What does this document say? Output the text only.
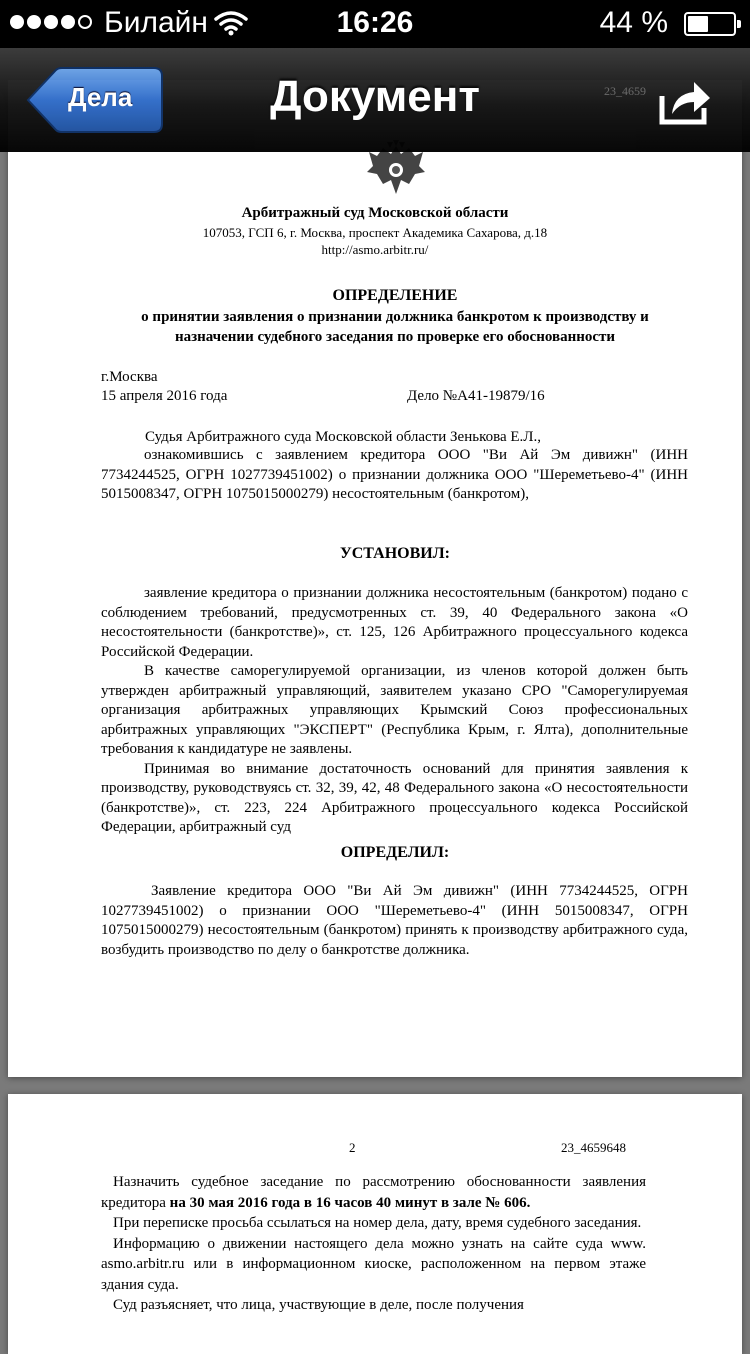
Билайн	16:26	44 %
Арбитражный суд Московской области
107053, ГСП 6, г. Москва, проспект Академика Сахарова, д.18
http://asmo.arbitr.ru/
ОПРЕДЕЛЕНИЕ
о принятии заявления о признании должника банкротом к производству и
назначении судебного заседания по проверке его обоснованности
г.Москва
15 апреля 2016 года	Дело №А41-19879/16
Судья Арбитражного суда Московской области Зенькова Е.Л.,

ознакомившись с заявлением кредитора ООО "Ви Ай Эм дивижн" (ИНН 7734244525, ОГРН 1027739451002) о признании должника ООО "Шереметьево-4" (ИНН 5015008347, ОГРН 1075015000279) несостоятельным (банкротом),

УСТАНОВИЛ:

заявление кредитора о признании должника несостоятельным (банкротом) подано с соблюдением требований, предусмотренных ст. 39, 40 Федерального закона «О несостоятельности (банкротстве)», ст. 125, 126 Арбитражного процессуального кодекса Российской Федерации.

В качестве саморегулируемой организации, из членов которой должен быть утвержден арбитражный управляющий, заявителем указано СРО "Саморегулируемая организация арбитражных управляющих Крымский Союз профессиональных арбитражных управляющих "ЭКСПЕРТ" (Республика Крым, г. Ялта), дополнительные требования к кандидатуре не заявлены.

Принимая во внимание достаточность оснований для принятия заявления к производству, руководствуясь ст. 32, 39, 42, 48 Федерального закона «О несостоятельности (банкротстве)», ст. 223, 224 Арбитражного процессуального кодекса Российской Федерации, арбитражный суд

ОПРЕДЕЛИЛ:

Заявление кредитора ООО "Ви Ай Эм дивижн" (ИНН 7734244525, ОГРН 1027739451002) о признании ООО "Шереметьево-4" (ИНН 5015008347, ОГРН 1075015000279) несостоятельным (банкротом) принять к производству арбитражного суда, возбудить производство по делу о банкротстве должника.

2	23_4659648

Назначить судебное заседание по рассмотрению обоснованности заявления кредитора на 30 мая 2016 года в 16 часов 40 минут в зале № 606.

При переписке просьба ссылаться на номер дела, дату, время судебного заседания.

Информацию о движении настоящего дела можно узнать на сайте суда www. asmo.arbitr.ru или в информационном киоске, расположенном на первом этаже здания суда.

Суд разъясняет, что лица, участвующие в деле, после получения

23_4659
Дела	Документ
